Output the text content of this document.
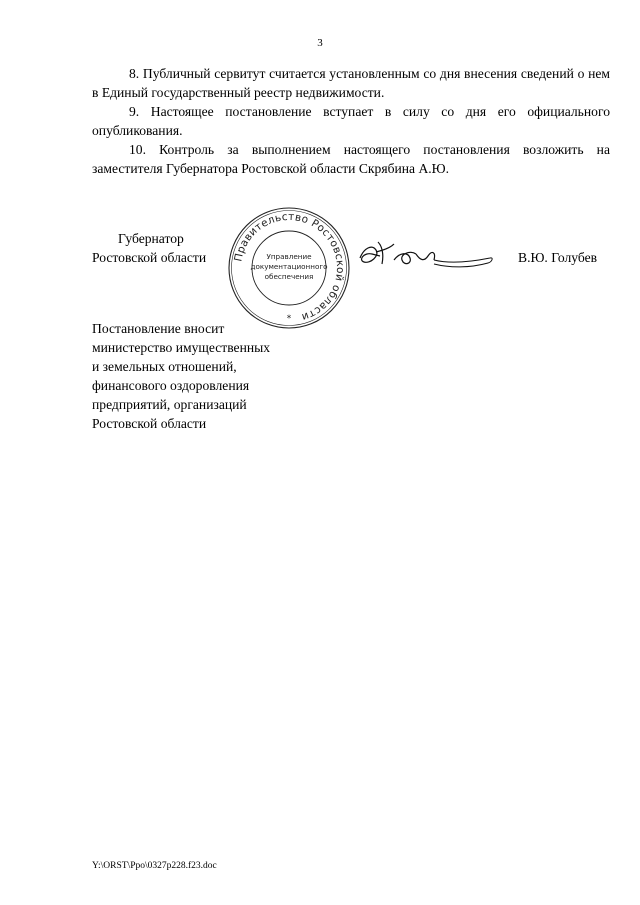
3

8. Публичный сервитут считается установленным со дня внесения сведений о нем в Единый государственный реестр недвижимости.

9. Настоящее постановление вступает в силу со дня его официального опубликования.

10. Контроль за выполнением настоящего постановления возложить на заместителя Губернатора Ростовской области Скрябина А.Ю.

Губернатор
Ростовской области Правительство Ростовской области
Управление
документационного
обеспечения
*
В.Ю. Голубев
Постановление вносит
министерство имущественных
и земельных отношений,
финансового оздоровления
предприятий, организаций
Ростовской области
Y:\ORST\Ppo\0327p228.f23.doc
